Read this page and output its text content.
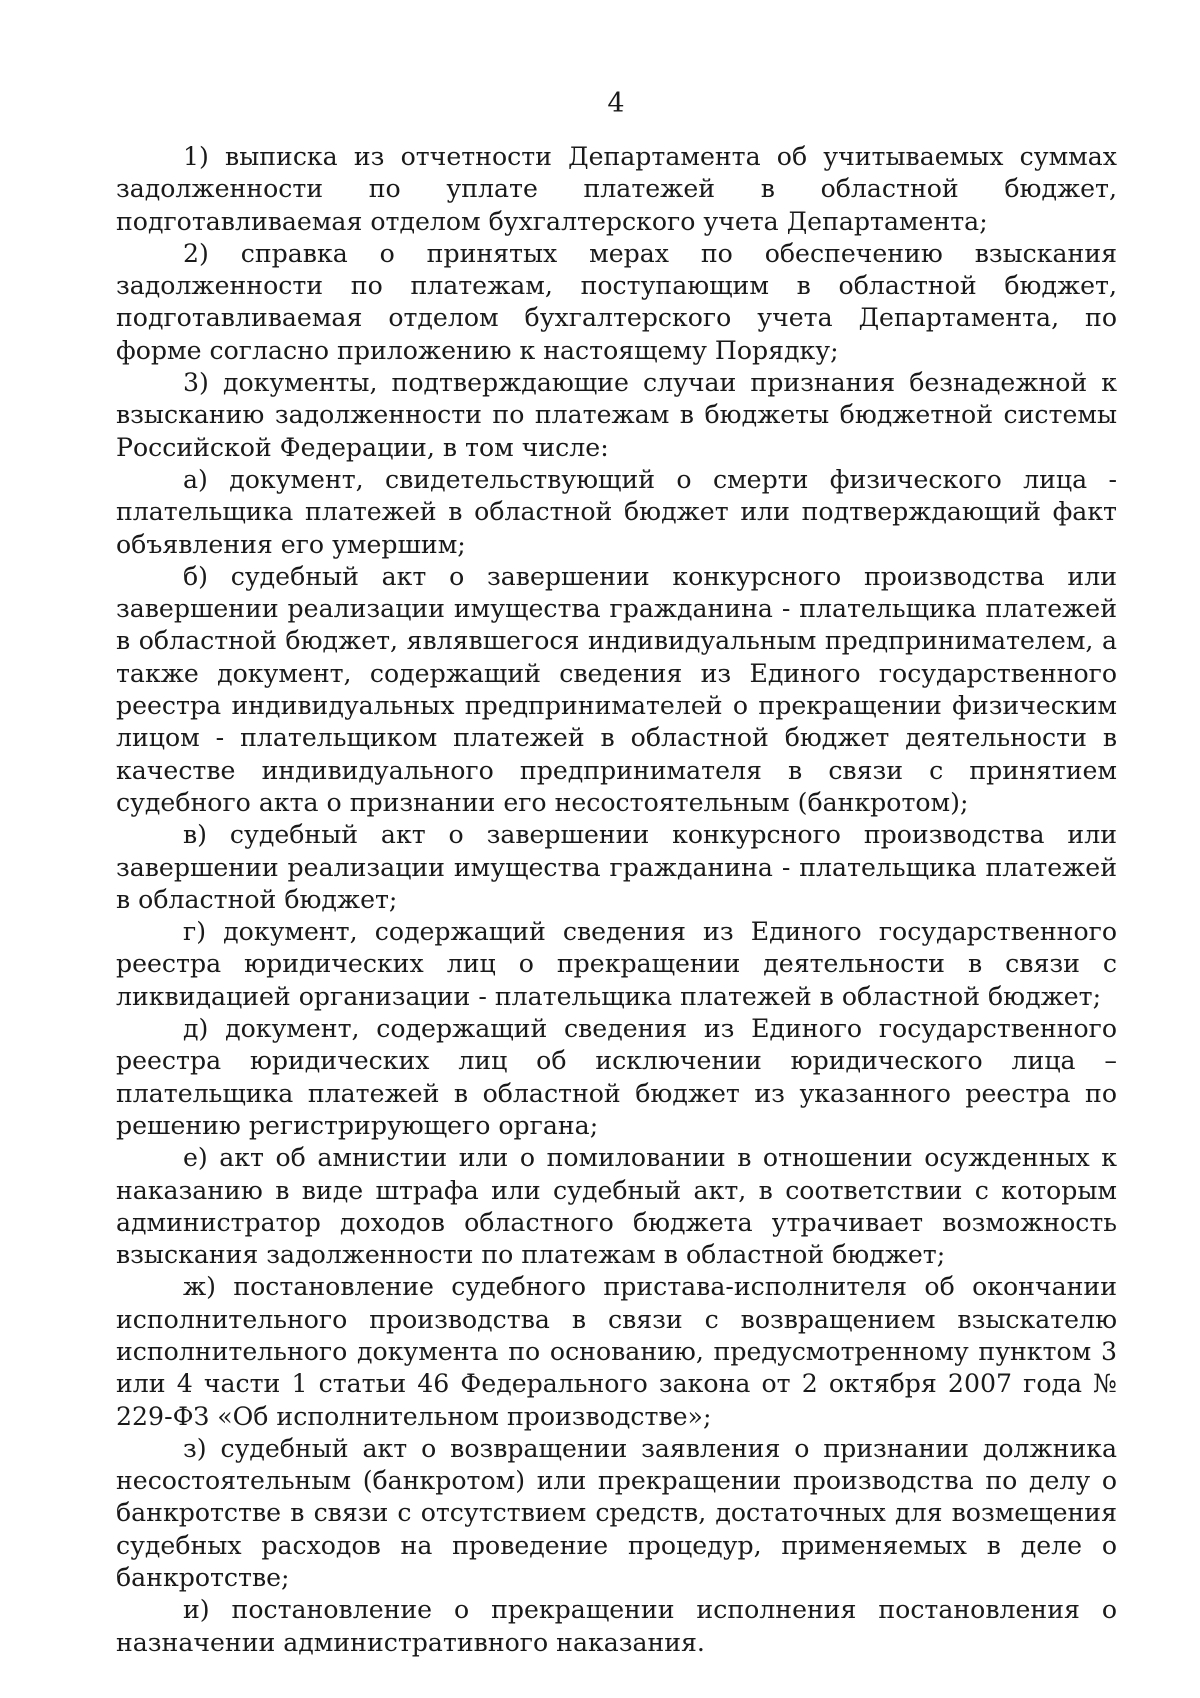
4

1) выписка из отчетности Департамента об учитываемых суммах задолженности по уплате платежей в областной бюджет, подготавливаемая отделом бухгалтерского учета Департамента;

2) справка о принятых мерах по обеспечению взыскания задолженности по платежам, поступающим в областной бюджет, подготавливаемая отделом бухгалтерского учета Департамента, по форме согласно приложению к настоящему Порядку;

3) документы, подтверждающие случаи признания безнадежной к взысканию задолженности по платежам в бюджеты бюджетной системы Российской Федерации, в том числе:

а) документ, свидетельствующий о смерти физического лица - плательщика платежей в областной бюджет или подтверждающий факт объявления его умершим;

б) судебный акт о завершении конкурсного производства или завершении реализации имущества гражданина - плательщика платежей в областной бюджет, являвшегося индивидуальным предпринимателем, а также документ, содержащий сведения из Единого государственного реестра индивидуальных предпринимателей о прекращении физическим лицом - плательщиком платежей в областной бюджет деятельности в качестве индивидуального предпринимателя в связи с принятием судебного акта о признании его несостоятельным (банкротом);

в) судебный акт о завершении конкурсного производства или завершении реализации имущества гражданина - плательщика платежей в областной бюджет;

г) документ, содержащий сведения из Единого государственного реестра юридических лиц о прекращении деятельности в связи с ликвидацией организации - плательщика платежей в областной бюджет;

д) документ, содержащий сведения из Единого государственного реестра юридических лиц об исключении юридического лица – плательщика платежей в областной бюджет из указанного реестра по решению регистрирующего органа;

е) акт об амнистии или о помиловании в отношении осужденных к наказанию в виде штрафа или судебный акт, в соответствии с которым администратор доходов областного бюджета утрачивает возможность взыскания задолженности по платежам в областной бюджет;

ж) постановление судебного пристава-исполнителя об окончании исполнительного производства в связи с возвращением взыскателю исполнительного документа по основанию, предусмотренному пунктом 3 или 4 части 1 статьи 46 Федерального закона от 2 октября 2007 года № 229-ФЗ «Об исполнительном производстве»;

з) судебный акт о возвращении заявления о признании должника несостоятельным (банкротом) или прекращении производства по делу о банкротстве в связи с отсутствием средств, достаточных для возмещения судебных расходов на проведение процедур, применяемых в деле о банкротстве;

и) постановление о прекращении исполнения постановления о назначении административного наказания.
